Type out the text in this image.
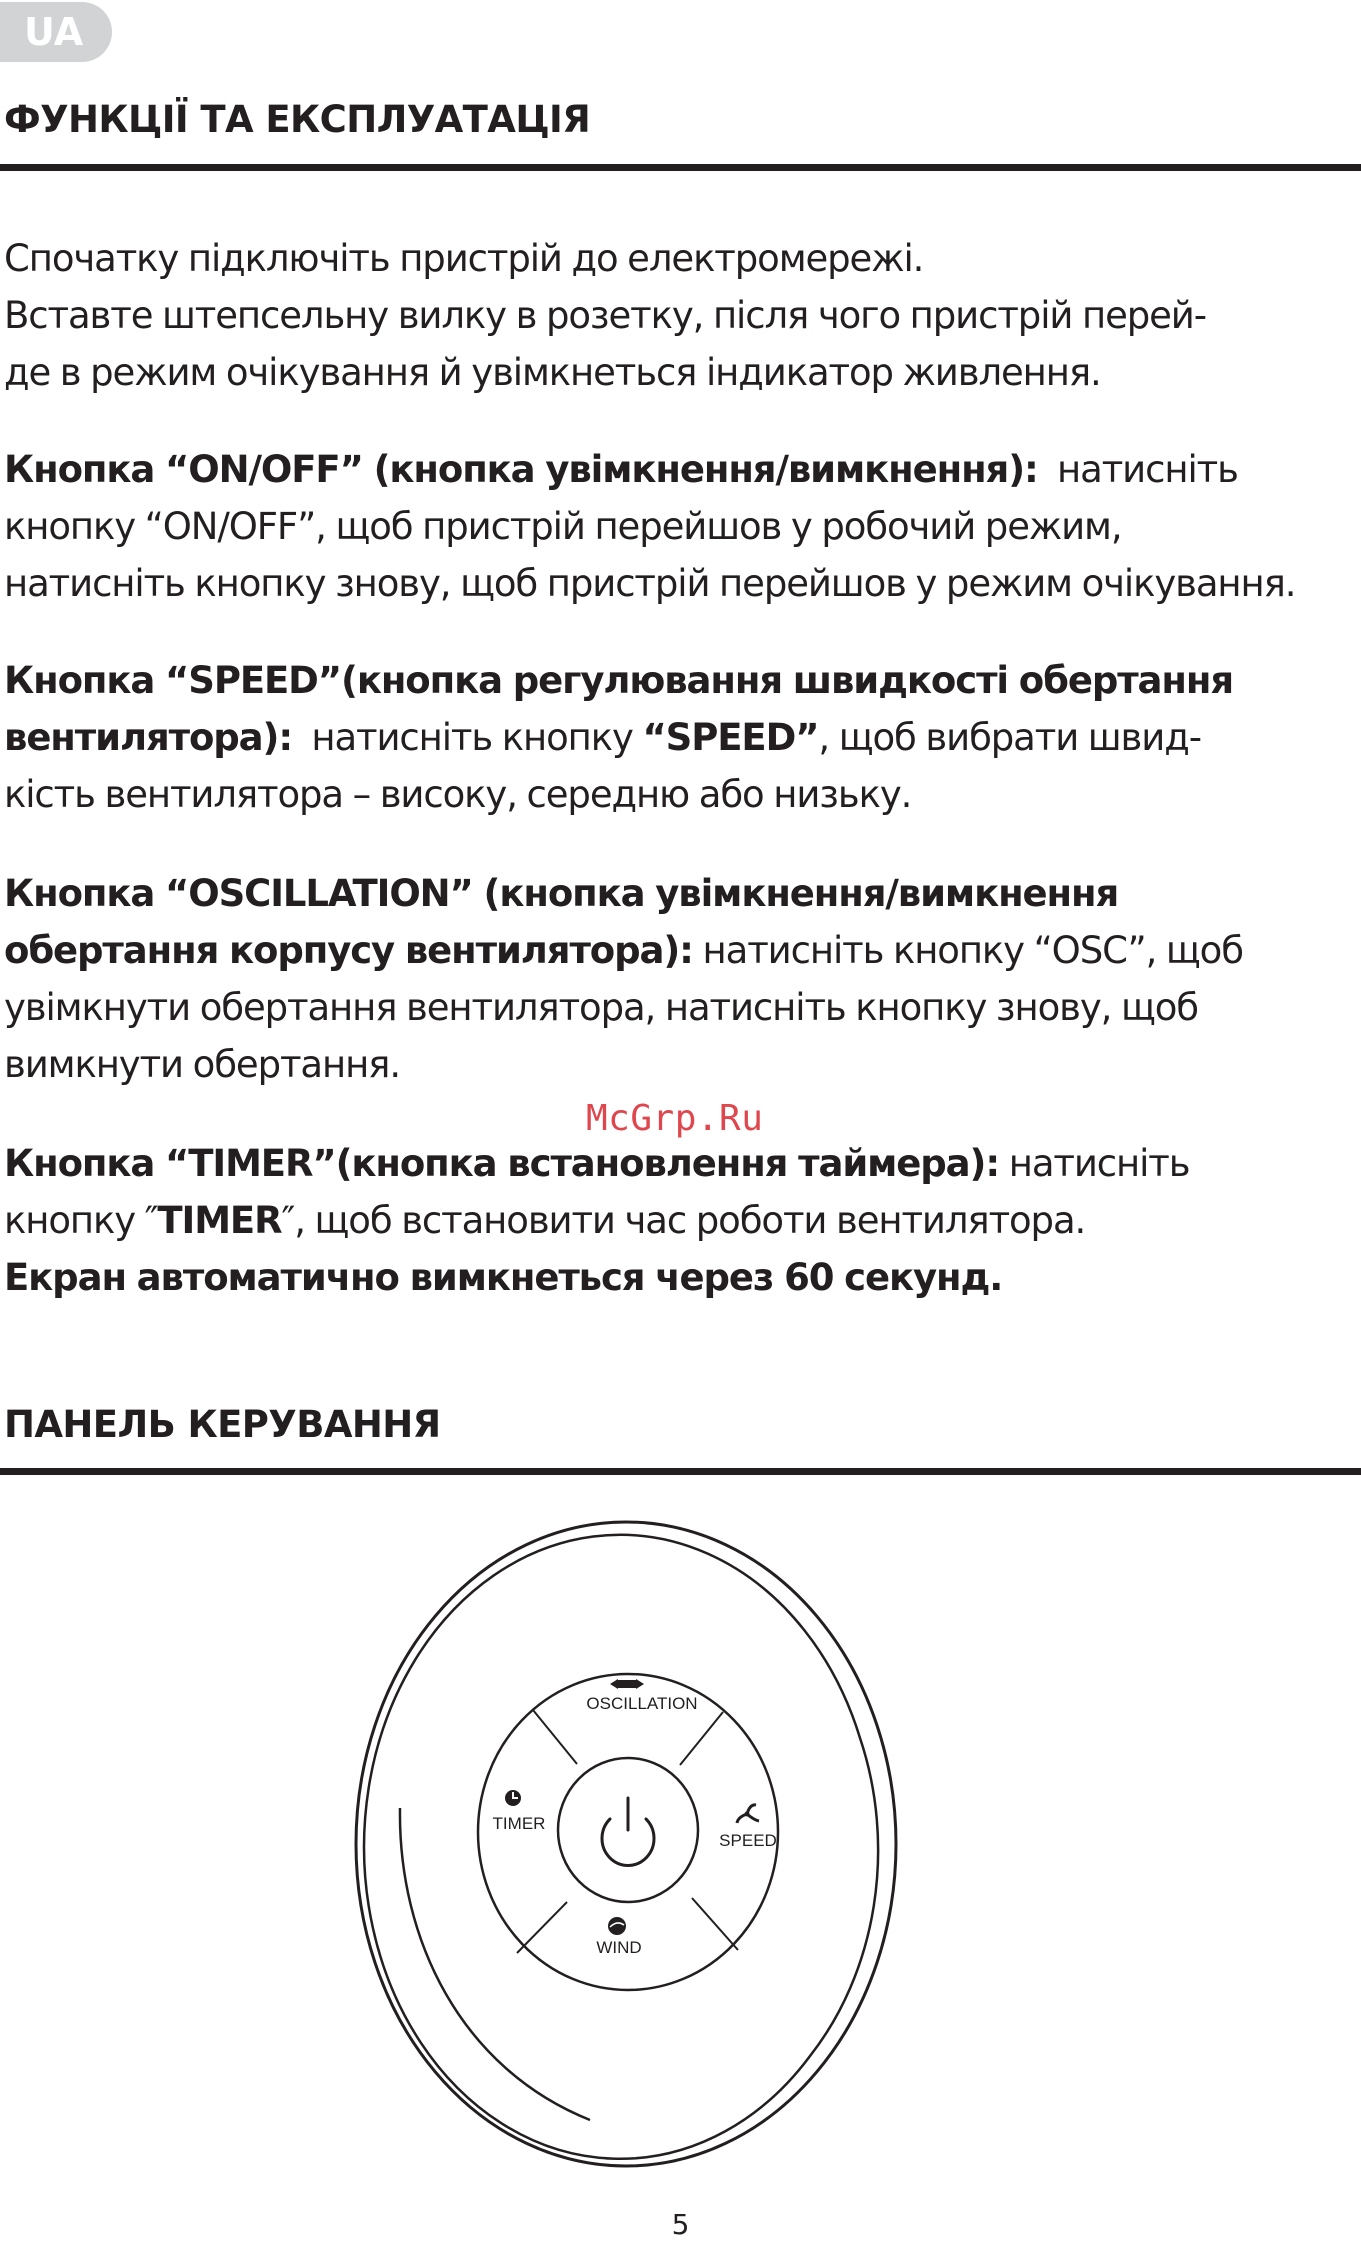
UA
ФУНКЦІЇ ТА ЕКСПЛУАТАЦІЯ
Спочатку підключіть пристрій до електромережі.
Вставте штепсельну вилку в розетку, після чого пристрій перей-
де в режим очікування й увімкнеться індикатор живлення.
Кнопка “ON/OFF” (кнопка увімкнення/вимкнення): натисніть
кнопку “ON/OFF”, щоб пристрій перейшов у робочий режим,
натисніть кнопку знову, щоб пристрій перейшов у режим очікування.
Кнопка “SPEED”(кнопка регулювання швидкості обертання
вентилятора): натисніть кнопку “SPEED”, щоб вибрати швид-
кість вентилятора – високу, середню або низьку.
Кнопка “OSCILLATION” (кнопка увімкнення/вимкнення
обертання корпусу вентилятора): натисніть кнопку “OSC”, щоб
увімкнути обертання вентилятора, натисніть кнопку знову, щоб
вимкнути обертання.
McGrp.Ru
Кнопка “TIMER”(кнопка встановлення таймера): натисніть
кнопку ″TIMER″, щоб встановити час роботи вентилятора.
Екран автоматично вимкнеться через 60 секунд.
ПАНЕЛЬ КЕРУВАННЯ
OSCILLATION
TIMER
SPEED
WIND
5
